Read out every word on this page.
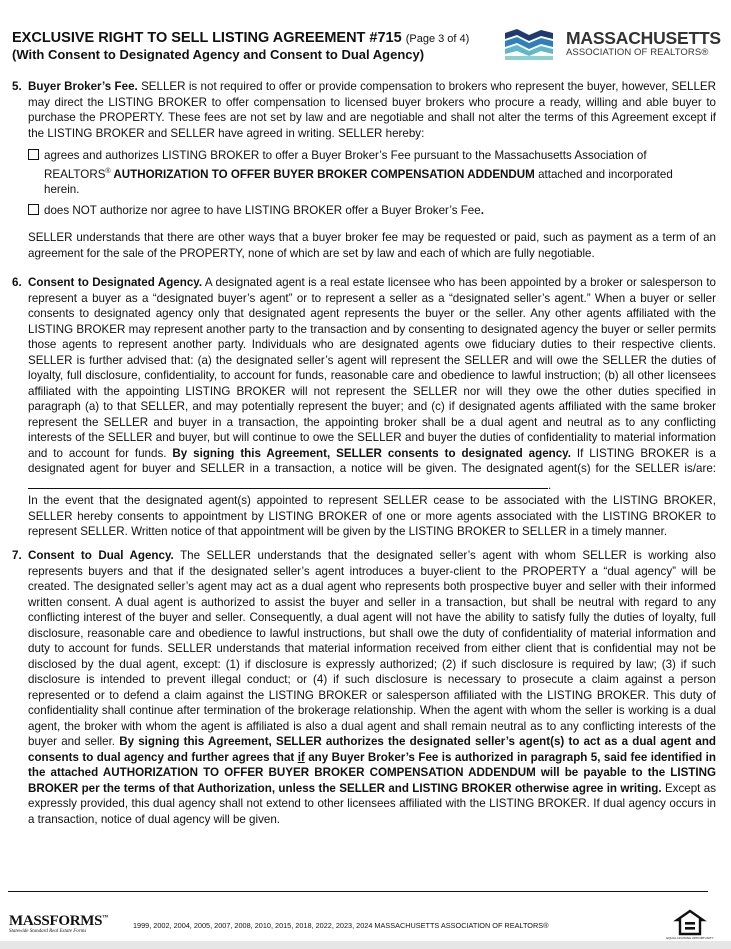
EXCLUSIVE RIGHT TO SELL LISTING AGREEMENT #715 (Page 3 of 4)
(With Consent to Designated Agency and Consent to Dual Agency)
MASSACHUSETTS
ASSOCIATION OF REALTORS®
5. Buyer Broker’s Fee. SELLER is not required to offer or provide compensation to brokers who represent the buyer, however, SELLER may direct the LISTING BROKER to offer compensation to licensed buyer brokers who procure a ready, willing and able buyer to purchase the PROPERTY. These fees are not set by law and are negotiable and shall not alter the terms of this Agreement except if the LISTING BROKER and SELLER have agreed in writing. SELLER hereby:
agrees and authorizes LISTING BROKER to offer a Buyer Broker’s Fee pursuant to the Massachusetts Association of REALTORS® AUTHORIZATION TO OFFER BUYER BROKER COMPENSATION ADDENDUM attached and incorporated herein.
does NOT authorize nor agree to have LISTING BROKER offer a Buyer Broker’s Fee.
SELLER understands that there are other ways that a buyer broker fee may be requested or paid, such as payment as a term of an agreement for the sale of the PROPERTY, none of which are set by law and each of which are fully negotiable.
6. Consent to Designated Agency. A designated agent is a real estate licensee who has been appointed by a broker or salesperson to represent a buyer as a “designated buyer’s agent” or to represent a seller as a “designated seller’s agent.” When a buyer or seller consents to designated agency only that designated agent represents the buyer or the seller. Any other agents affiliated with the LISTING BROKER may represent another party to the transaction and by consenting to designated agency the buyer or seller permits those agents to represent another party. Individuals who are designated agents owe fiduciary duties to their respective clients. SELLER is further advised that: (a) the designated seller’s agent will represent the SELLER and will owe the SELLER the duties of loyalty, full disclosure, confidentiality, to account for funds, reasonable care and obedience to lawful instruction; (b) all other licensees affiliated with the appointing LISTING BROKER will not represent the SELLER nor will they owe the other duties specified in paragraph (a) to that SELLER, and may potentially represent the buyer; and (c) if designated agents affiliated with the same broker represent the SELLER and buyer in a transaction, the appointing broker shall be a dual agent and neutral as to any conflicting interests of the SELLER and buyer, but will continue to owe the SELLER and buyer the duties of confidentiality to material information and to account for funds. By signing this Agreement, SELLER consents to designated agency. If LISTING BROKER is a designated agent for buyer and SELLER in a transaction, a notice will be given. The designated agent(s) for the SELLER is/are:.
In the event that the designated agent(s) appointed to represent SELLER cease to be associated with the LISTING BROKER, SELLER hereby consents to appointment by LISTING BROKER of one or more agents associated with the LISTING BROKER to represent SELLER. Written notice of that appointment will be given by the LISTING BROKER to SELLER in a timely manner.
7. Consent to Dual Agency. The SELLER understands that the designated seller’s agent with whom SELLER is working also represents buyers and that if the designated seller’s agent introduces a buyer-client to the PROPERTY a “dual agency” will be created. The designated seller’s agent may act as a dual agent who represents both prospective buyer and seller with their informed written consent. A dual agent is authorized to assist the buyer and seller in a transaction, but shall be neutral with regard to any conflicting interest of the buyer and seller. Consequently, a dual agent will not have the ability to satisfy fully the duties of loyalty, full disclosure, reasonable care and obedience to lawful instructions, but shall owe the duty of confidentiality of material information and duty to account for funds. SELLER understands that material information received from either client that is confidential may not be disclosed by the dual agent, except: (1) if disclosure is expressly authorized; (2) if such disclosure is required by law; (3) if such disclosure is intended to prevent illegal conduct; or (4) if such disclosure is necessary to prosecute a claim against a person represented or to defend a claim against the LISTING BROKER or salesperson affiliated with the LISTING BROKER. This duty of confidentiality shall continue after termination of the brokerage relationship. When the agent with whom the seller is working is a dual agent, the broker with whom the agent is affiliated is also a dual agent and shall remain neutral as to any conflicting interests of the buyer and seller. By signing this Agreement, SELLER authorizes the designated seller’s agent(s) to act as a dual agent and consents to dual agency and further agrees that if any Buyer Broker’s Fee is authorized in paragraph 5, said fee identified in the attached AUTHORIZATION TO OFFER BUYER BROKER COMPENSATION ADDENDUM will be payable to the LISTING BROKER per the terms of that Authorization, unless the SELLER and LISTING BROKER otherwise agree in writing. Except as expressly provided, this dual agency shall not extend to other licensees affiliated with the LISTING BROKER. If dual agency occurs in a transaction, notice of dual agency will be given.
MASSFORMS™
Statewide Standard Real Estate Forms
1999, 2002, 2004, 2005, 2007, 2008, 2010, 2015, 2018, 2022, 2023, 2024 MASSACHUSETTS ASSOCIATION OF REALTORS®
EQUAL HOUSING OPPORTUNITY
